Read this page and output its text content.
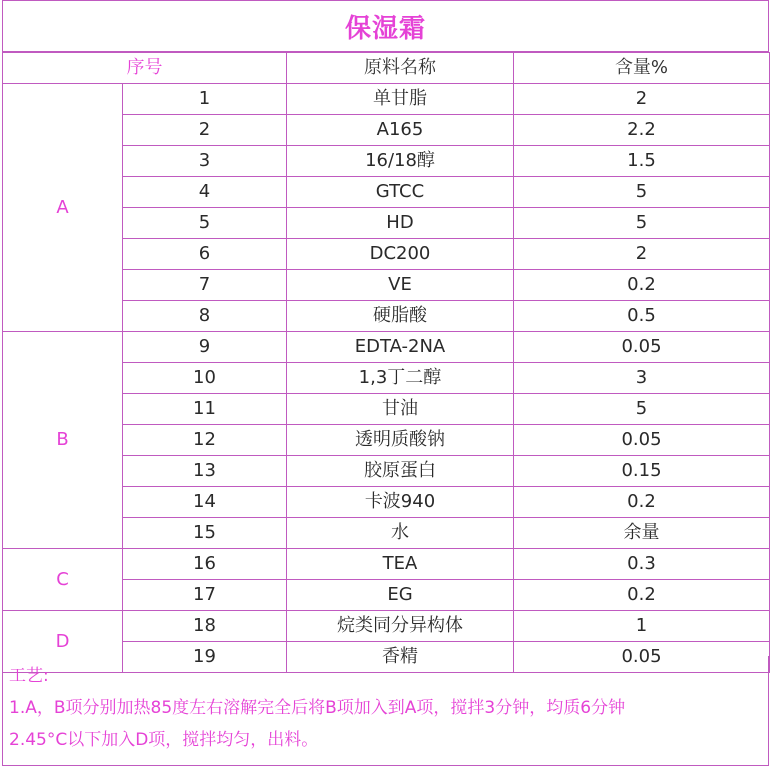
保湿霜
序号		原料名称	含量%
A	1	单甘脂	2
	2	A165	2.2
	3	16/18醇	1.5
	4	GTCC	5
	5	HD	5
	6	DC200	2
	7	VE	0.2
	8	硬脂酸	0.5
B	9	EDTA-2NA	0.05
	10	1,3丁二醇	3
	11	甘油	5
	12	透明质酸钠	0.05
	13	胶原蛋白	0.15
	14	卡波940	0.2
	15	水	余量
C	16	TEA	0.3
	17	EG	0.2
D	18	烷类同分异构体	1
	19	香精	0.05
工艺:
1.A，B项分别加热85度左右溶解完全后将B项加入到A项，搅拌3分钟，均质6分钟
2.45°C以下加入D项，搅拌均匀，出料。
